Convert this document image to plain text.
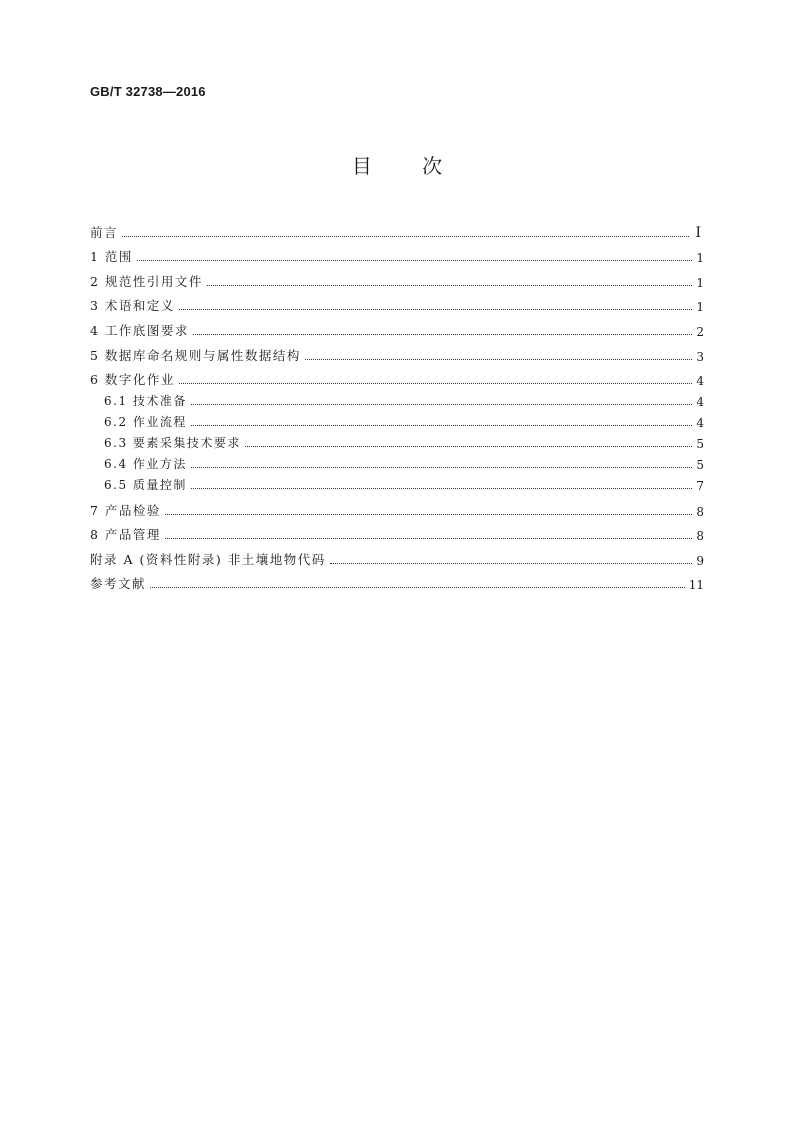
GB/T 32738—2016
目 次
前言	I
1 范围	1
2 规范性引用文件	1
3 术语和定义	1
4 工作底图要求	2
5 数据库命名规则与属性数据结构	3
6 数字化作业	4
6.1 技术准备	4
6.2 作业流程	4
6.3 要素采集技术要求	5
6.4 作业方法	5
6.5 质量控制	7
7 产品检验	8
8 产品管理	8
附录 A (资料性附录) 非土壤地物代码	9
参考文献	11
